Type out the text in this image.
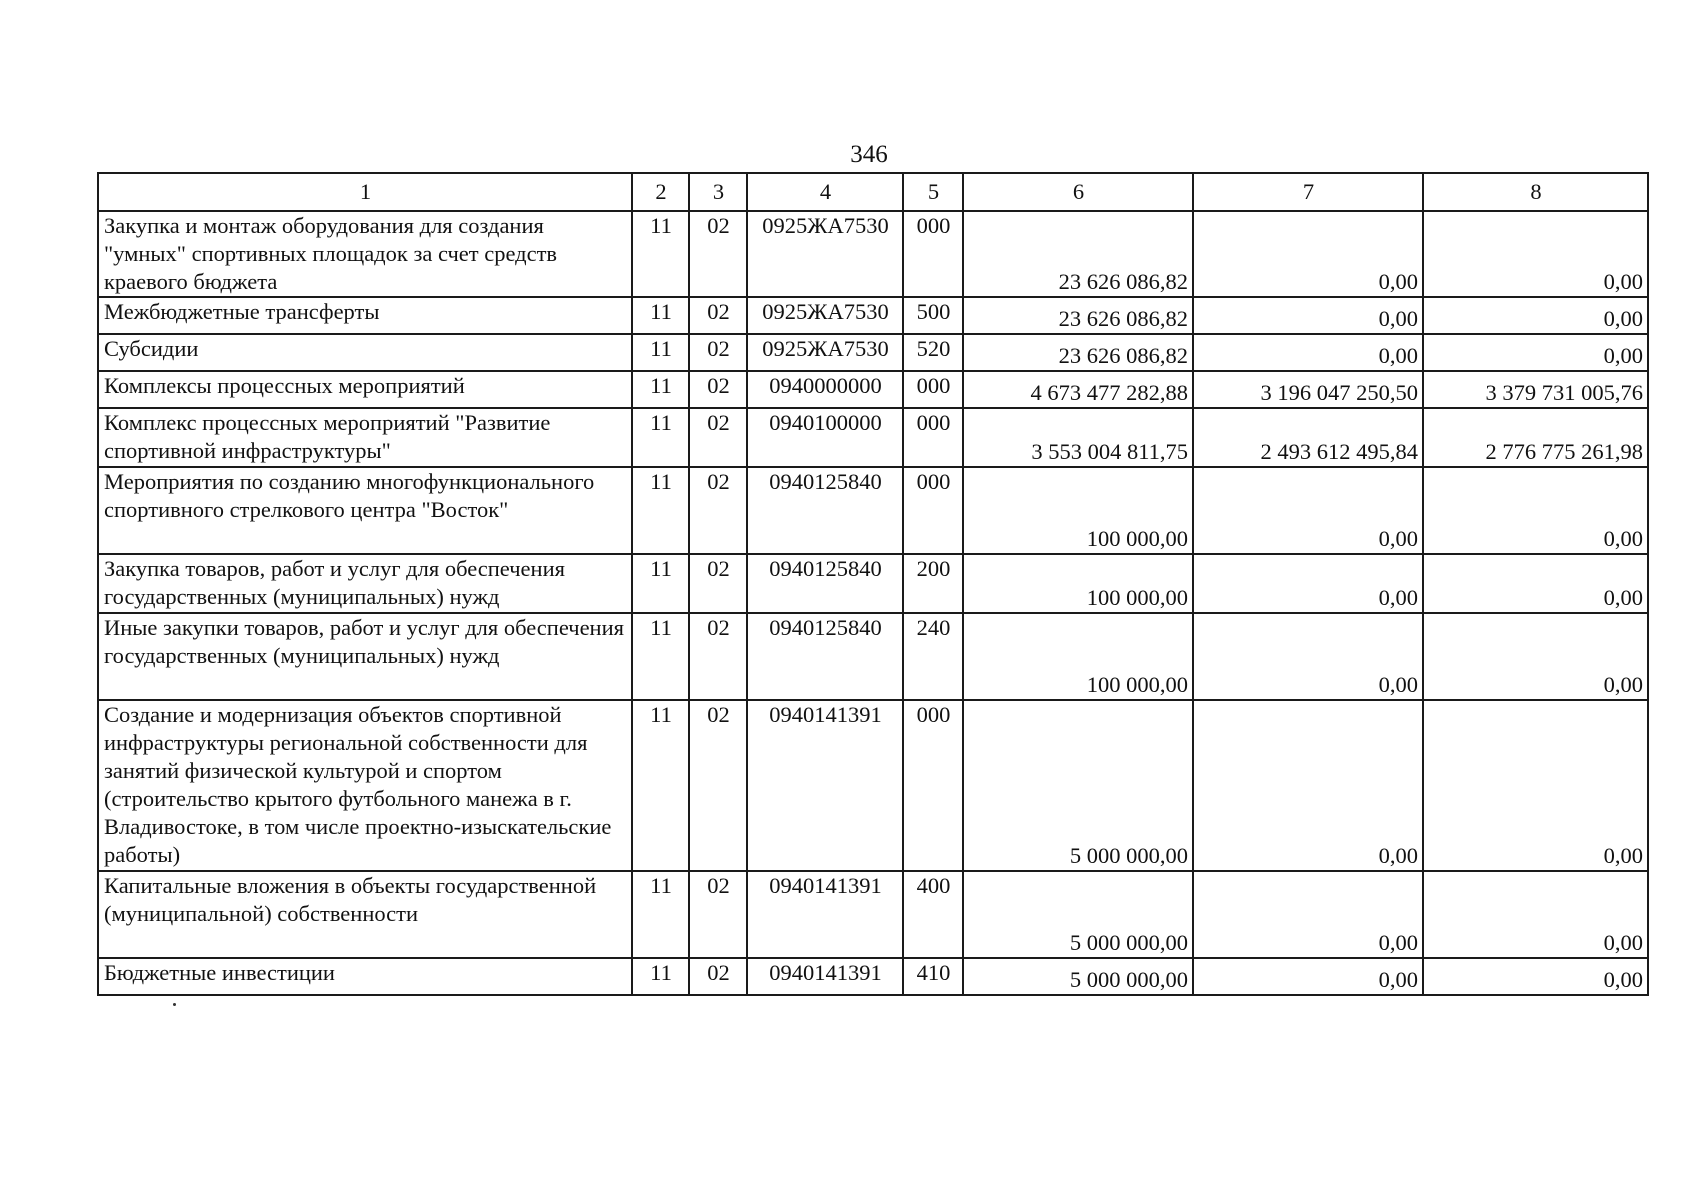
346
1	2	3	4	5	6	7	8
Закупка и монтаж оборудования для создания "умных" спортивных площадок за счет средств краевого бюджета	11	02	0925ЖА7530	000	23 626 086,82	0,00	0,00
Межбюджетные трансферты	11	02	0925ЖА7530	500	23 626 086,82	0,00	0,00
Субсидии	11	02	0925ЖА7530	520	23 626 086,82	0,00	0,00
Комплексы процессных мероприятий	11	02	0940000000	000	4 673 477 282,88	3 196 047 250,50	3 379 731 005,76
Комплекс процессных мероприятий "Развитие спортивной инфраструктуры"	11	02	0940100000	000	3 553 004 811,75	2 493 612 495,84	2 776 775 261,98
Мероприятия по созданию многофункционального спортивного стрелкового центра "Восток"	11	02	0940125840	000	100 000,00	0,00	0,00
Закупка товаров, работ и услуг для обеспечения государственных (муниципальных) нужд	11	02	0940125840	200	100 000,00	0,00	0,00
Иные закупки товаров, работ и услуг для обеспечения государственных (муниципальных) нужд	11	02	0940125840	240	100 000,00	0,00	0,00
Создание и модернизация объектов спортивной инфраструктуры региональной собственности для занятий физической культурой и спортом (строительство крытого футбольного манежа в г. Владивостоке, в том числе проектно-изыскательские работы)	11	02	0940141391	000	5 000 000,00	0,00	0,00
Капитальные вложения в объекты государственной (муниципальной) собственности	11	02	0940141391	400	5 000 000,00	0,00	0,00
Бюджетные инвестиции	11	02	0940141391	410	5 000 000,00	0,00	0,00
